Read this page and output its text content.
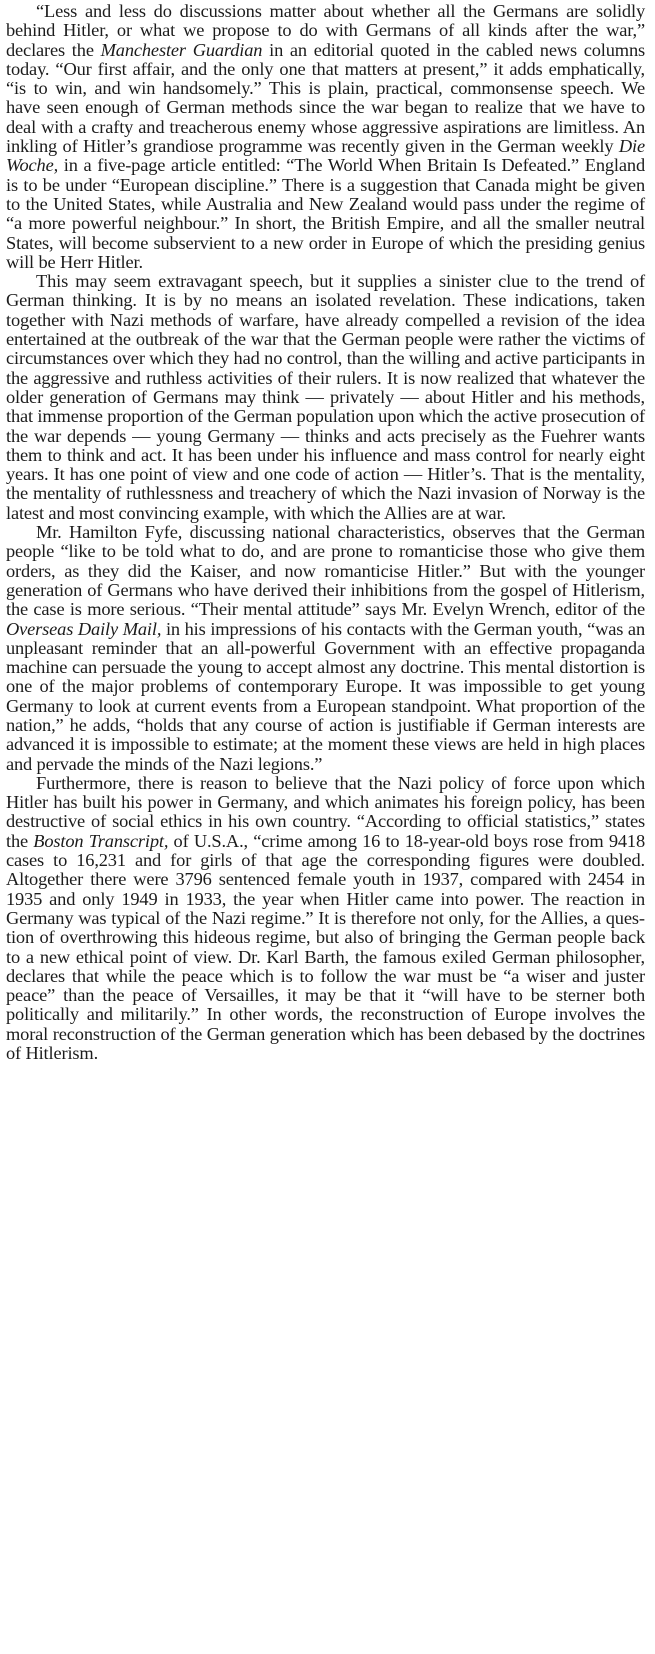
“Less and less do discussions matter about whether all the Germans are solidly behind Hitler, or what we propose to do with Germans of all kinds after the war,” declares the Manchester Guardian in an editorial quoted in the cabled news columns today. “Our first affair, and the only one that matters at present,” it adds emphatically, “is to win, and win handsomely.” This is plain, practical, commonsense speech. We have seen enough of German methods since the war began to realize that we have to deal with a crafty and treacherous enemy whose aggressive aspirations are limitless. An inkling of Hitler’s grandiose programme was recently given in the German weekly Die Woche, in a five-page article entitled: “The World When Britain Is Defeated.” England is to be under “European discipline.” There is a suggestion that Canada might be given to the United States, while Australia and New Zealand would pass under the regime of “a more powerful neighbour.” In short, the British Empire, and all the smaller neutral States, will become subservient to a new order in Europe of which the presiding genius will be Herr Hitler.

This may seem extravagant speech, but it supplies a sinister clue to the trend of German thinking. It is by no means an isolated revelation. These indications, taken together with Nazi methods of warfare, have already compelled a revision of the idea entertained at the outbreak of the war that the German people were rather the victims of circumstances over which they had no control, than the willing and active participants in the aggressive and ruthless activities of their rulers. It is now realized that whatever the older generation of Germans may think — privately — about Hitler and his methods, that immense proportion of the German population upon which the active prosecution of the war depends — young Germany — thinks and acts precisely as the Fuehrer wants them to think and act. It has been under his influence and mass control for nearly eight years. It has one point of view and one code of action — Hitler’s. That is the mentality, the mentality of ruthlessness and treachery of which the Nazi invasion of Norway is the latest and most convincing example, with which the Allies are at war.

Mr. Hamilton Fyfe, discussing national characteristics, observes that the German people “like to be told what to do, and are prone to romanticise those who give them orders, as they did the Kaiser, and now romanticise Hitler.” But with the younger generation of Germans who have derived their inhibitions from the gospel of Hitlerism, the case is more serious. “Their mental attitude” says Mr. Evelyn Wrench, editor of the Overseas Daily Mail, in his impressions of his contacts with the German youth, “was an unpleasant reminder that an all-powerful Government with an effective propaganda machine can persuade the young to accept almost any doctrine. This mental distortion is one of the major problems of contemporary Europe. It was impossible to get young Germany to look at current events from a European standpoint. What proportion of the nation,” he adds, “holds that any course of action is justifiable if German interests are advanced it is impossible to estimate; at the moment these views are held in high places and pervade the minds of the Nazi legions.”

Furthermore, there is reason to believe that the Nazi policy of force upon which Hitler has built his power in Germany, and which animates his foreign policy, has been destructive of social ethics in his own country. “According to official statistics,” states the Boston Transcript, of U.S.A., “crime among 16 to 18-year-old boys rose from 9418 cases to 16,231 and for girls of that age the corresponding figures were doubled. Altogether there were 3796 sentenced female youth in 1937, compared with 2454 in 1935 and only 1949 in 1933, the year when Hitler came into power. The reaction in Germany was typical of the Nazi regime.” It is therefore not only, for the Allies, a question of overthrowing this hideous regime, but also of bringing the German people back to a new ethical point of view. Dr. Karl Barth, the famous exiled German philosopher, declares that while the peace which is to follow the war must be “a wiser and juster peace” than the peace of Versailles, it may be that it “will have to be sterner both politically and militarily.” In other words, the reconstruction of Europe involves the moral reconstruction of the German generation which has been debased by the doctrines of Hitlerism.
